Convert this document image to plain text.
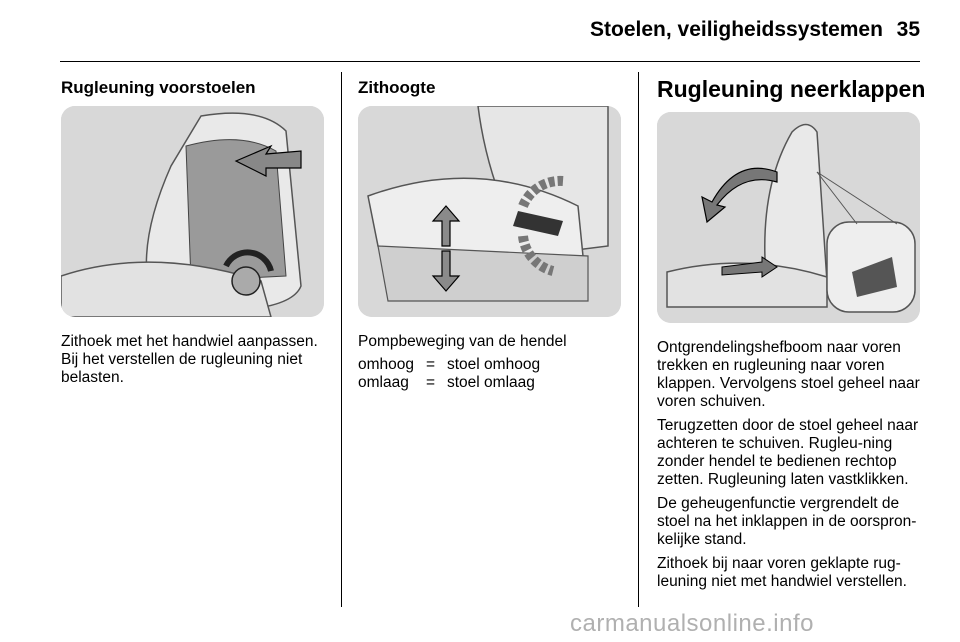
Stoelen, veiligheidssystemen 35
Rugleuning voorstoelen
Zithoek met het handwiel aanpassen. Bij het verstellen de rugleuning niet belasten.
Zithoogte
Pompbeweging van de hendel
omhoog = stoel omhoog
omlaag = stoel omlaag
Rugleuning neerklappen

Ontgrendelingshefboom naar voren trekken en rugleuning naar voren klappen. Vervolgens stoel geheel naar voren schuiven.

Terugzetten door de stoel geheel naar achteren te schuiven. Rugleu-ning zonder hendel te bedienen rechtop zetten. Rugleuning laten vastklikken.

De geheugenfunctie vergrendelt de stoel na het inklappen in de oorspron-kelijke stand.

Zithoek bij naar voren geklapte rug-leuning niet met handwiel verstellen.

carmanualsonline.info
